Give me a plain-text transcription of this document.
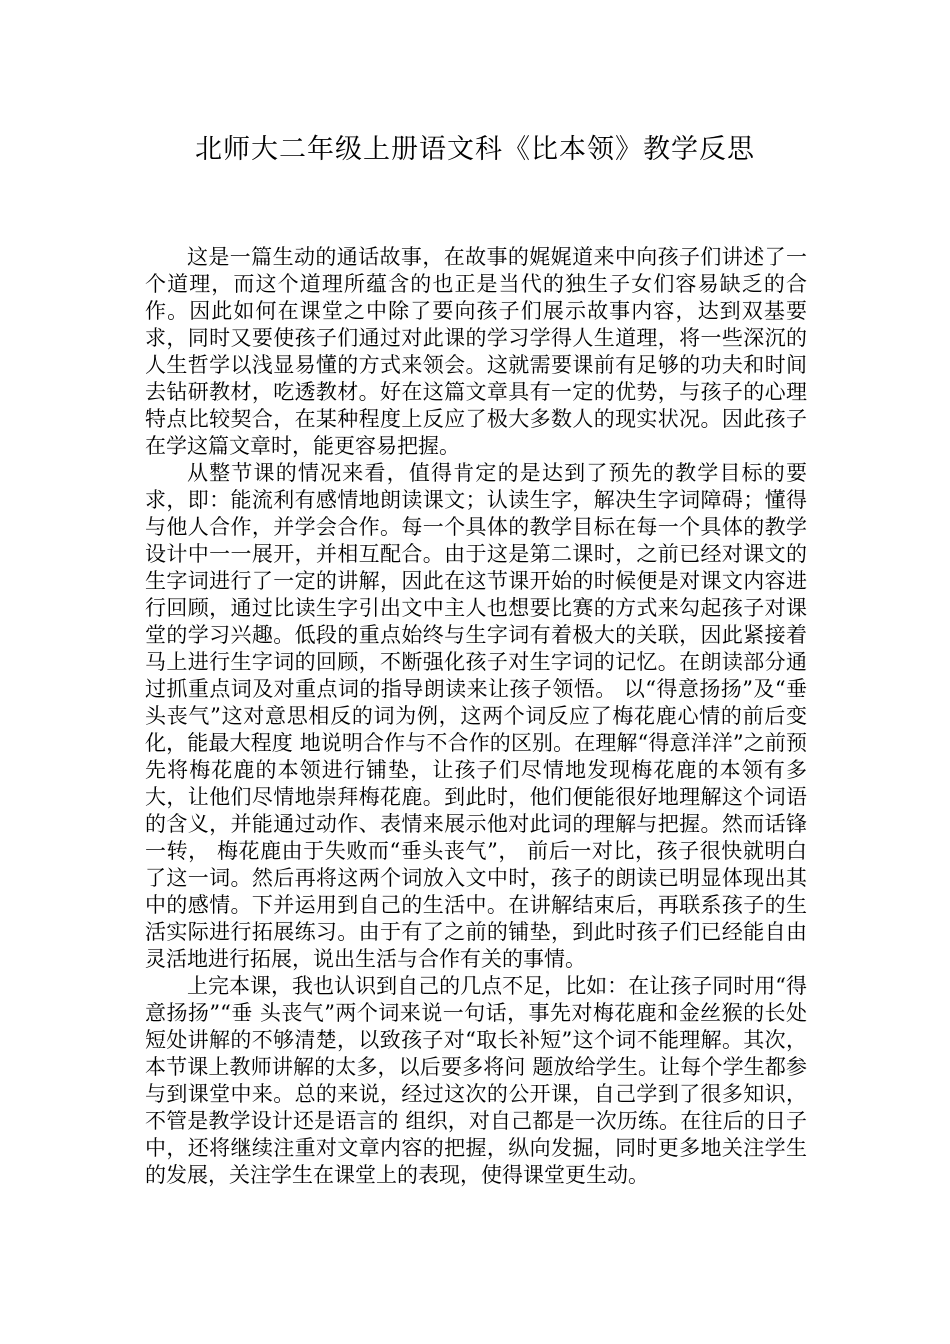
北师大二年级上册语文科《比本领》教学反思

这是一篇生动的通话故事，在故事的娓娓道来中向孩子们讲述了一个道理，而这个道理所蕴含的也正是当代的独生子女们容易缺乏的合作。因此如何在课堂之中除了要向孩子们展示故事内容，达到双基要求，同时又要使孩子们通过对此课的学习学得人生道理，将一些深沉的人生哲学以浅显易懂的方式来领会。这就需要课前有足够的功夫和时间去钻研教材，吃透教材。好在这篇文章具有一定的优势，与孩子的心理特点比较契合，在某种程度上反应了极大多数人的现实状况。因此孩子在学这篇文章时，能更容易把握。

从整节课的情况来看，值得肯定的是达到了预先的教学目标的要求，即：能流利有感情地朗读课文；认读生字，解决生字词障碍；懂得与他人合作，并学会合作。每一个具体的教学目标在每一个具体的教学设计中一一展开，并相互配合。由于这是第二课时，之前已经对课文的生字词进行了一定的讲解，因此在这节课开始的时候便是对课文内容进行回顾，通过比读生字引出文中主人也想要比赛的方式来勾起孩子对课堂的学习兴趣。低段的重点始终与生字词有着极大的关联，因此紧接着马上进行生字词的回顾，不断强化孩子对生字词的记忆。在朗读部分通过抓重点词及对重点词的指导朗读来让孩子领悟。 以“得意扬扬”及“垂头丧气”这对意思相反的词为例，这两个词反应了梅花鹿心情的前后变化，能最大程度 地说明合作与不合作的区别。在理解“得意洋洋”之前预先将梅花鹿的本领进行铺垫，让孩子们尽情地发现梅花鹿的本领有多大，让他们尽情地崇拜梅花鹿。到此时，他们便能很好地理解这个词语的含义，并能通过动作、表情来展示他对此词的理解与把握。然而话锋一转， 梅花鹿由于失败而“垂头丧气”， 前后一对比，孩子很快就明白了这一词。然后再将这两个词放入文中时，孩子的朗读已明显体现出其中的感情。下并运用到自己的生活中。在讲解结束后，再联系孩子的生活实际进行拓展练习。由于有了之前的铺垫，到此时孩子们已经能自由灵活地进行拓展，说出生活与合作有关的事情。

上完本课，我也认识到自己的几点不足，比如：在让孩子同时用“得意扬扬”“垂 头丧气”两个词来说一句话，事先对梅花鹿和金丝猴的长处短处讲解的不够清楚，以致孩子对“取长补短”这个词不能理解。其次，本节课上教师讲解的太多，以后要多将问 题放给学生。让每个学生都参与到课堂中来。总的来说，经过这次的公开课，自己学到了很多知识，不管是教学设计还是语言的 组织，对自己都是一次历练。在往后的日子中，还将继续注重对文章内容的把握，纵向发掘，同时更多地关注学生的发展，关注学生在课堂上的表现，使得课堂更生动。
